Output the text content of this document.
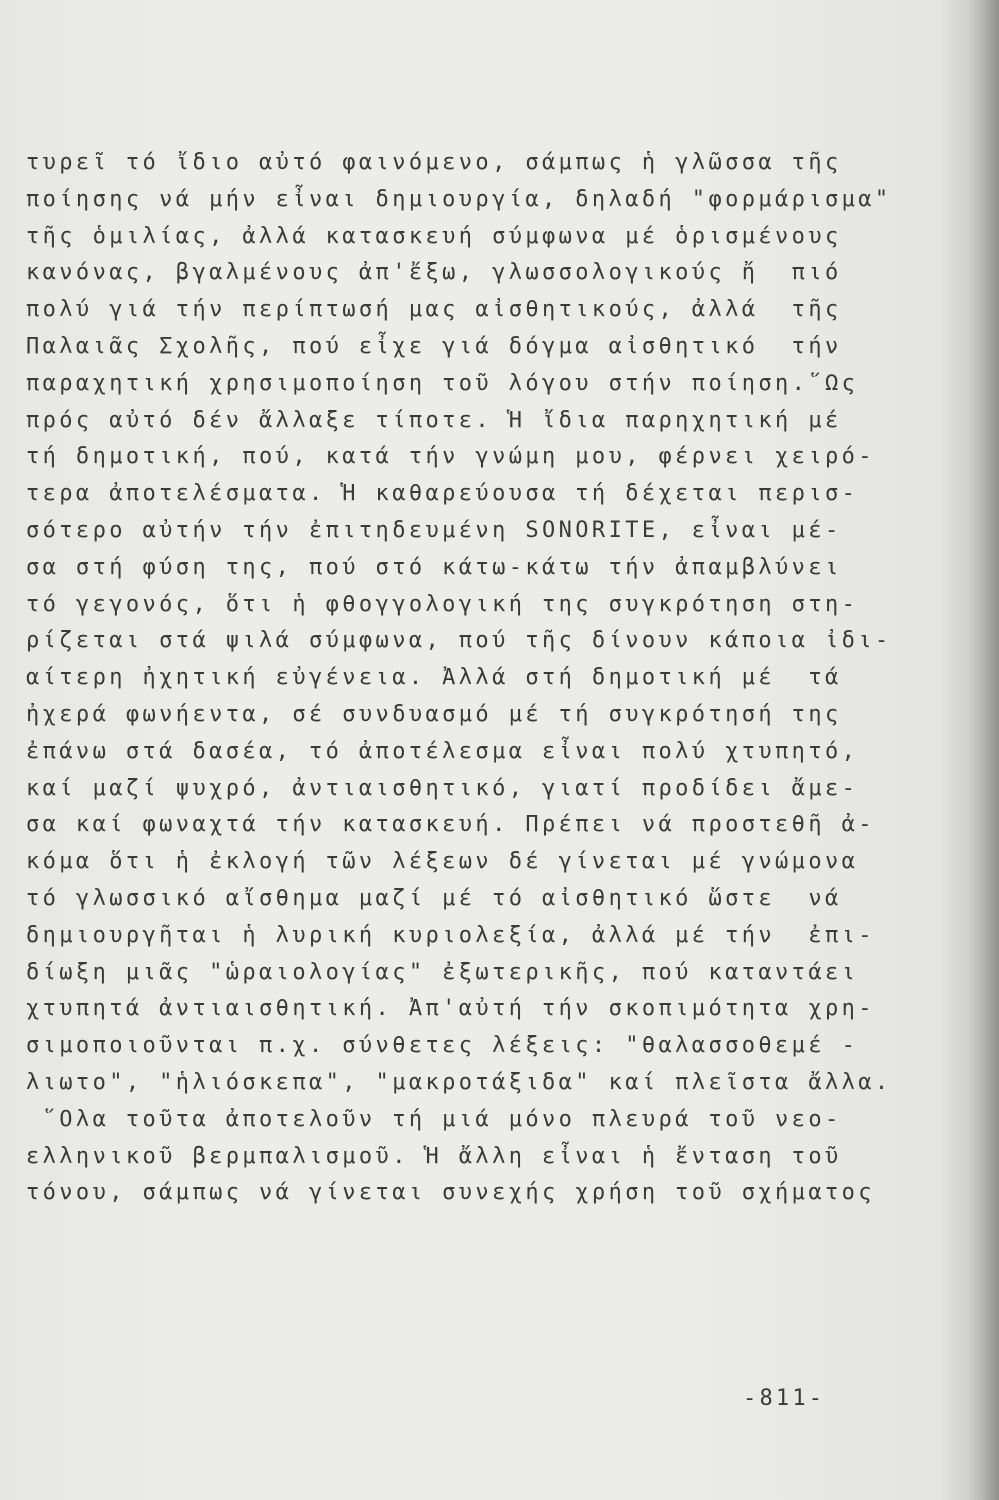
τυρεῖ τό ἴδιο αὐτό φαινόμενο, σάμπως ἡ γλῶσσα τῆς
ποίησης νά μήν εἶναι δημιουργία, δηλαδή "φορμάρισμα"
τῆς ὁμιλίας, ἀλλά κατασκευή σύμφωνα μέ ὁρισμένους
κανόνας, βγαλμένους ἀπ'ἔξω, γλωσσολογικούς ἤ  πιό
πολύ γιά τήν περίπτωσή μας αἰσθητικούς, ἀλλά  τῆς
Παλαιᾶς Σχολῆς, πού εἶχε γιά δόγμα αἰσθητικό  τήν
παραχητική χρησιμοποίηση τοῦ λόγου στήν ποίηση.῞Ως
πρός αὐτό δέν ἄλλαξε τίποτε. Ἡ ἴδια παρηχητική μέ
τή δημοτική, πού, κατά τήν γνώμη μου, φέρνει χειρό-
τερα ἀποτελέσματα. Ἡ καθαρεύουσα τή δέχεται περισ-
σότερο αὐτήν τήν ἐπιτηδευμένη SONORITE, εἶναι μέ-
σα στή φύση της, πού στό κάτω-κάτω τήν ἀπαμβλύνει
τό γεγονός, ὅτι ἡ φθογγολογική της συγκρότηση στη-
ρίζεται στά ψιλά σύμφωνα, πού τῆς δίνουν κάποια ἰδι-
αίτερη ἠχητική εὐγένεια. Ἀλλά στή δημοτική μέ  τά
ἠχερά φωνήεντα, σέ συνδυασμό μέ τή συγκρότησή της
ἐπάνω στά δασέα, τό ἀποτέλεσμα εἶναι πολύ χτυπητό,
καί μαζί ψυχρό, ἀντιαισθητικό, γιατί προδίδει ἄμε-
σα καί φωναχτά τήν κατασκευή. Πρέπει νά προστεθῆ ἀ-
κόμα ὅτι ἡ ἐκλογή τῶν λέξεων δέ γίνεται μέ γνώμονα
τό γλωσσικό αἴσθημα μαζί μέ τό αἰσθητικό ὥστε  νά
δημιουργῆται ἡ λυρική κυριολεξία, ἀλλά μέ τήν  ἐπι-
δίωξη μιᾶς "ὡραιολογίας" ἐξωτερικῆς, πού καταντάει
χτυπητά ἀντιαισθητική. Ἀπ'αὐτή τήν σκοπιμότητα χρη-
σιμοποιοῦνται π.χ. σύνθετες λέξεις: "θαλασσοθεμέ -
λιωτο", "ἡλιόσκεπα", "μακροτάξιδα" καί πλεῖστα ἄλλα.
῞Ολα τοῦτα ἀποτελοῦν τή μιά μόνο πλευρά τοῦ νεο-
ελληνικοῦ βερμπαλισμοῦ. Ἡ ἄλλη εἶναι ἡ ἔνταση τοῦ
τόνου, σάμπως νά γίνεται συνεχής χρήση τοῦ σχήματος
-811-
